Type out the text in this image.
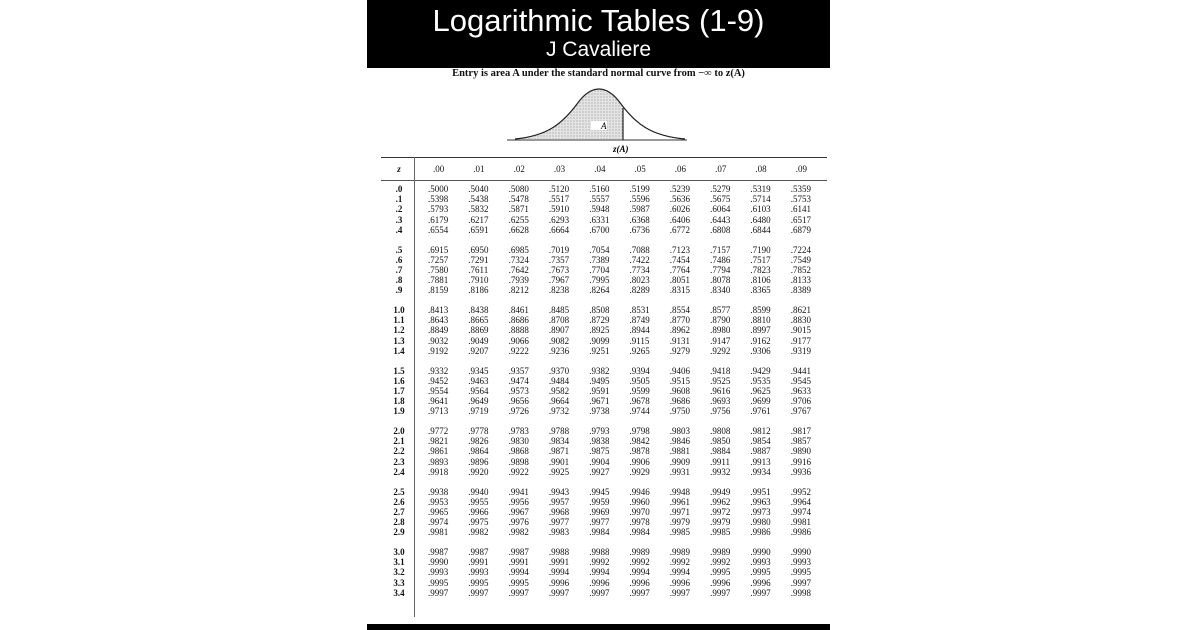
Logarithmic Tables (1-9)
J Cavaliere
Entry is area A under the standard normal curve from −∞ to z(A)
A
z(A)
z	.00	.01	.02	.03	.04	.05	.06	.07	.08	.09
.0	.5000 .5040 .5080 .5120 .5160 .5199 .5239 .5279 .5319 .5359
.1	.5398 .5438 .5478 .5517 .5557 .5596 .5636 .5675 .5714 .5753
.2	.5793 .5832 .5871 .5910 .5948 .5987 .6026 .6064 .6103 .6141
.3	.6179 .6217 .6255 .6293 .6331 .6368 .6406 .6443 .6480 .6517
.4	.6554 .6591 .6628 .6664 .6700 .6736 .6772 .6808 .6844 .6879
.5	.6915 .6950 .6985 .7019 .7054 .7088 .7123 .7157 .7190 .7224
.6	.7257 .7291 .7324 .7357 .7389 .7422 .7454 .7486 .7517 .7549
.7	.7580 .7611 .7642 .7673 .7704 .7734 .7764 .7794 .7823 .7852
.8	.7881 .7910 .7939 .7967 .7995 .8023 .8051 .8078 .8106 .8133
.9	.8159 .8186 .8212 .8238 .8264 .8289 .8315 .8340 .8365 .8389
1.0	.8413 .8438 .8461 .8485 .8508 .8531 .8554 .8577 .8599 .8621
1.1	.8643 .8665 .8686 .8708 .8729 .8749 .8770 .8790 .8810 .8830
1.2	.8849 .8869 .8888 .8907 .8925 .8944 .8962 .8980 .8997 .9015
1.3	.9032 .9049 .9066 .9082 .9099 .9115 .9131 .9147 .9162 .9177
1.4	.9192 .9207 .9222 .9236 .9251 .9265 .9279 .9292 .9306 .9319
1.5	.9332 .9345 .9357 .9370 .9382 .9394 .9406 .9418 .9429 .9441
1.6	.9452 .9463 .9474 .9484 .9495 .9505 .9515 .9525 .9535 .9545
1.7	.9554 .9564 .9573 .9582 .9591 .9599 .9608 .9616 .9625 .9633
1.8	.9641 .9649 .9656 .9664 .9671 .9678 .9686 .9693 .9699 .9706
1.9	.9713 .9719 .9726 .9732 .9738 .9744 .9750 .9756 .9761 .9767
2.0	.9772 .9778 .9783 .9788 .9793 .9798 .9803 .9808 .9812 .9817
2.1	.9821 .9826 .9830 .9834 .9838 .9842 .9846 .9850 .9854 .9857
2.2	.9861 .9864 .9868 .9871 .9875 .9878 .9881 .9884 .9887 .9890
2.3	.9893 .9896 .9898 .9901 .9904 .9906 .9909 .9911 .9913 .9916
2.4	.9918 .9920 .9922 .9925 .9927 .9929 .9931 .9932 .9934 .9936
2.5	.9938 .9940 .9941 .9943 .9945 .9946 .9948 .9949 .9951 .9952
2.6	.9953 .9955 .9956 .9957 .9959 .9960 .9961 .9962 .9963 .9964
2.7	.9965 .9966 .9967 .9968 .9969 .9970 .9971 .9972 .9973 .9974
2.8	.9974 .9975 .9976 .9977 .9977 .9978 .9979 .9979 .9980 .9981
2.9	.9981 .9982 .9982 .9983 .9984 .9984 .9985 .9985 .9986 .9986
3.0	.9987 .9987 .9987 .9988 .9988 .9989 .9989 .9989 .9990 .9990
3.1	.9990 .9991 .9991 .9991 .9992 .9992 .9992 .9992 .9993 .9993
3.2	.9993 .9993 .9994 .9994 .9994 .9994 .9994 .9995 .9995 .9995
3.3	.9995 .9995 .9995 .9996 .9996 .9996 .9996 .9996 .9996 .9997
3.4	.9997 .9997 .9997 .9997 .9997 .9997 .9997 .9997 .9997 .9998
